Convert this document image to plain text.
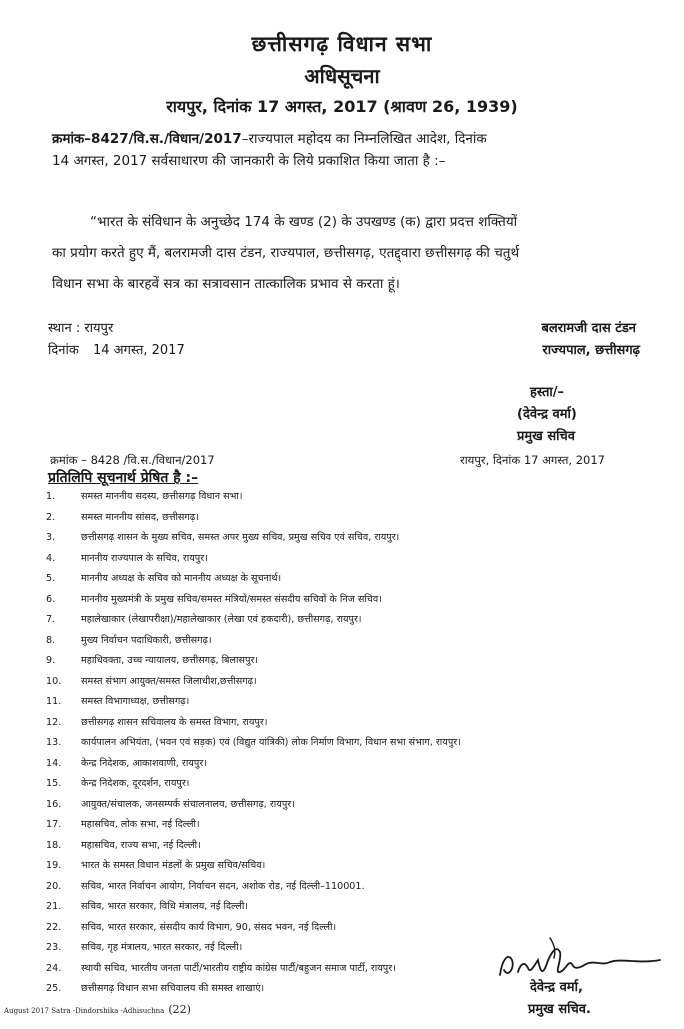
छत्तीसगढ़ विधान सभा
अधिसूचना
रायपुर, दिनांक 17 अगस्त, 2017 (श्रावण 26, 1939)
क्रमांक–8427/वि.स./विधान/2017–राज्यपाल महोदय का निम्नलिखित आदेश, दिनांक
14 अगस्त, 2017 सर्वसाधारण की जानकारी के लिये प्रकाशित किया जाता है :–
“भारत के संविधान के अनुच्छेद 174 के खण्ड (2) के उपखण्ड (क) द्वारा प्रदत्त शक्तियों
का प्रयोग करते हुए मैं, बलरामजी दास टंडन, राज्यपाल, छत्तीसगढ़, एतद्द्वारा छत्तीसगढ़ की चतुर्थ
विधान सभा के बारहवें सत्र का सत्रावसान तात्कालिक प्रभाव से करता हूं।
स्थान : रायपुर
दिनांक 14 अगस्त, 2017
बलरामजी दास टंडन
राज्यपाल, छत्तीसगढ़
हस्ता/–
(देवेन्द्र वर्मा)
प्रमुख सचिव
क्रमांक – 8428 /वि.स./विधान/2017	रायपुर, दिनांक 17 अगस्त, 2017
प्रतिलिपि सूचनार्थ प्रेषित है :–
1.	समस्त माननीय सदस्य, छत्तीसगढ़ विधान सभा।
2.	समस्त माननीय सांसद, छत्तीसगढ़।
3.	छत्तीसगढ़ शासन के मुख्य सचिव, समस्त अपर मुख्य सचिव, प्रमुख सचिव एवं सचिव, रायपुर।
4.	माननीय राज्यपाल के सचिव, रायपुर।
5.	माननीय अध्यक्ष के सचिव को माननीय अध्यक्ष के सूचनार्थ।
6.	माननीय मुख्यमंत्री के प्रमुख सचिव/समस्त मंत्रियों/समस्त संसदीय सचिवों के निज सचिव।
7.	महालेखाकार (लेखापरीक्षा)/महालेखाकार (लेखा एवं हकदारी), छत्तीसगढ़, रायपुर।
8.	मुख्य निर्वाचन पदाधिकारी, छत्तीसगढ़।
9.	महाधिवक्ता, उच्च न्यायालय, छत्तीसगढ़, बिलासपुर।
10. समस्त संभाग आयुक्त/समस्त जिलाधीश,छत्तीसगढ़।
11. समस्त विभागाध्यक्ष, छत्तीसगढ़।
12. छत्तीसगढ़ शासन सचिवालय के समस्त विभाग, रायपुर।
13. कार्यपालन अभियंता, (भवन एवं सड़क) एवं (विद्युत यांत्रिकी) लोक निर्माण विभाग, विधान सभा संभाग, रायपुर।
14. केन्द्र निदेशक, आकाशवाणी, रायपुर।
15. केन्द्र निदेशक, दूरदर्शन, रायपुर।
16. आयुक्त/संचालक, जनसम्पर्क संचालनालय, छत्तीसगढ़, रायपुर।
17. महासचिव, लोक सभा, नई दिल्ली।
18. महासचिव, राज्य सभा, नई दिल्ली।
19. भारत के समस्त विधान मंडलों के प्रमुख सचिव/सचिव।
20. सचिव, भारत निर्वाचन आयोग, निर्वाचन सदन, अशोक रोड, नई दिल्ली–110001.
21. सचिव, भारत सरकार, विधि मंत्रालय, नई दिल्ली।
22. सचिव, भारत सरकार, संसदीय कार्य विभाग, 90, संसद भवन, नई दिल्ली।
23. सचिव, गृह मंत्रालय, भारत सरकार, नई दिल्ली।
24. स्थायी सचिव, भारतीय जनता पार्टी/भारतीय राष्ट्रीय कांग्रेस पार्टी/बहुजन समाज पार्टी, रायपुर।
25. छत्तीसगढ़ विधान सभा सचिवालय की समस्त शाखाएं।	देवेन्द्र वर्मा,
प्रमुख सचिव.
August 2017 Satra -Dindorshika -Adhisuchna (22)
